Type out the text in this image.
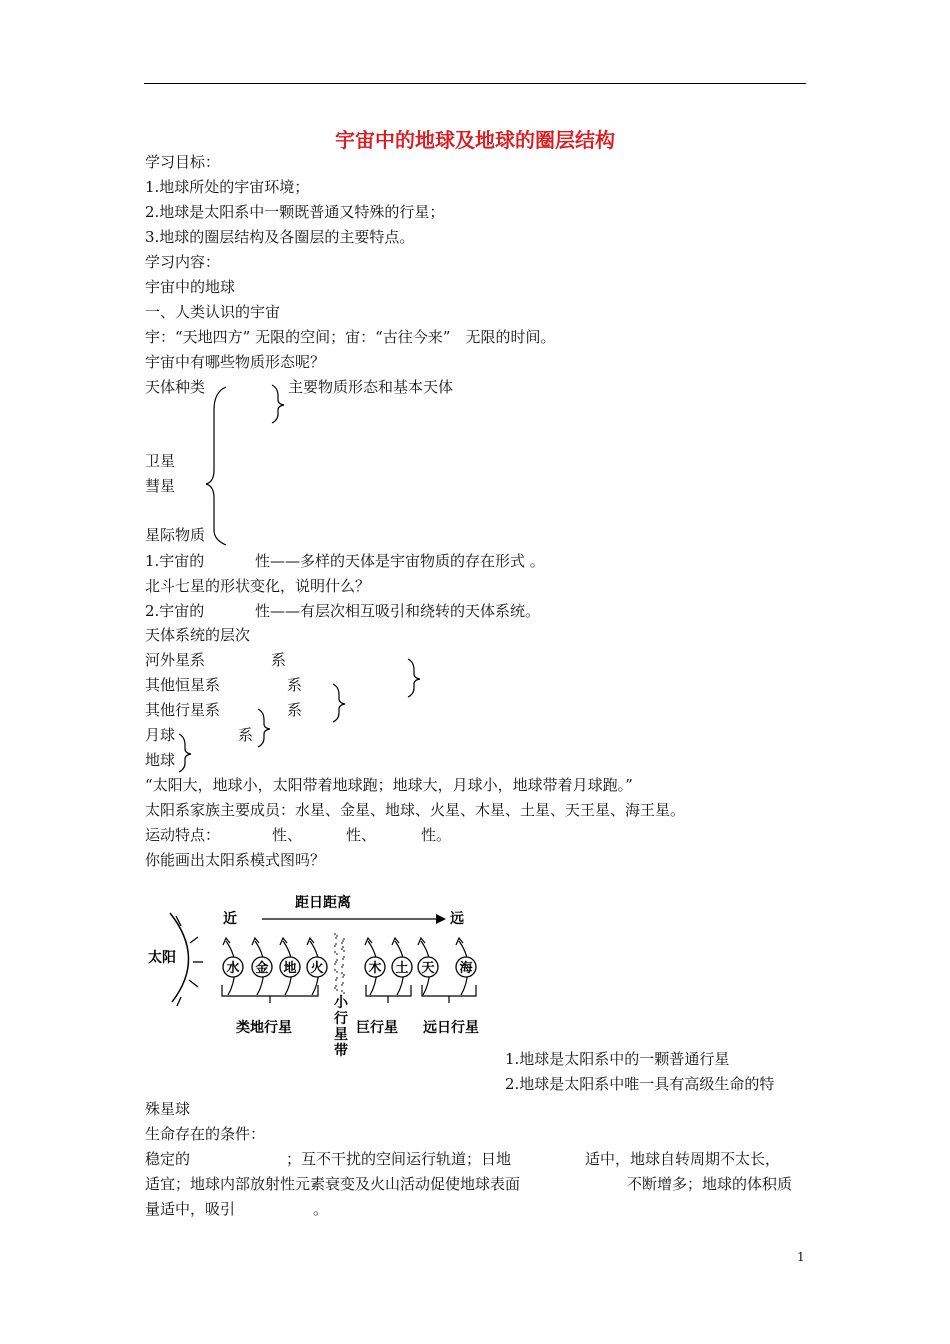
宇宙中的地球及地球的圈层结构
学习目标：
1.地球所处的宇宙环境；
2.地球是太阳系中一颗既普通又特殊的行星；
3.地球的圈层结构及各圈层的主要特点。
学习内容：
宇宙中的地球
一、人类认识的宇宙
宇：“天地四方” 无限的空间；宙：“古往今来”　无限的时间。
宇宙中有哪些物质形态呢？
天体种类	主要物质形态和基本天体
卫星
彗星
星际物质
1.宇宙的	性——多样的天体是宇宙物质的存在形式 。
北斗七星的形状变化，说明什么？
2.宇宙的	性——有层次相互吸引和绕转的天体系统。
天体系统的层次
河外星系	系
其他恒星系	系
其他行星系	系
月球	系
地球
“太阳大，地球小，太阳带着地球跑；地球大，月球小，地球带着月球跑。”
太阳系家族主要成员：水星、金星、地球、火星、木星、土星、天王星、海王星。
运动特点：	性、	性、	性。
你能画出太阳系模式图吗？
太阳
近	远
距日距离
水 金 地 火	木 土 天 海
类地行星	巨行星 远日行星
小行星带	1.地球是太阳系中的一颗普通行星
2.地球是太阳系中唯一具有高级生命的特
殊星球
生命存在的条件：
稳定的	；互不干扰的空间运行轨道；日地	适中，地球自转周期不太长，
适宜；地球内部放射性元素衰变及火山活动促使地球表面	不断增多；地球的体积质
量适中，吸引	。
1
